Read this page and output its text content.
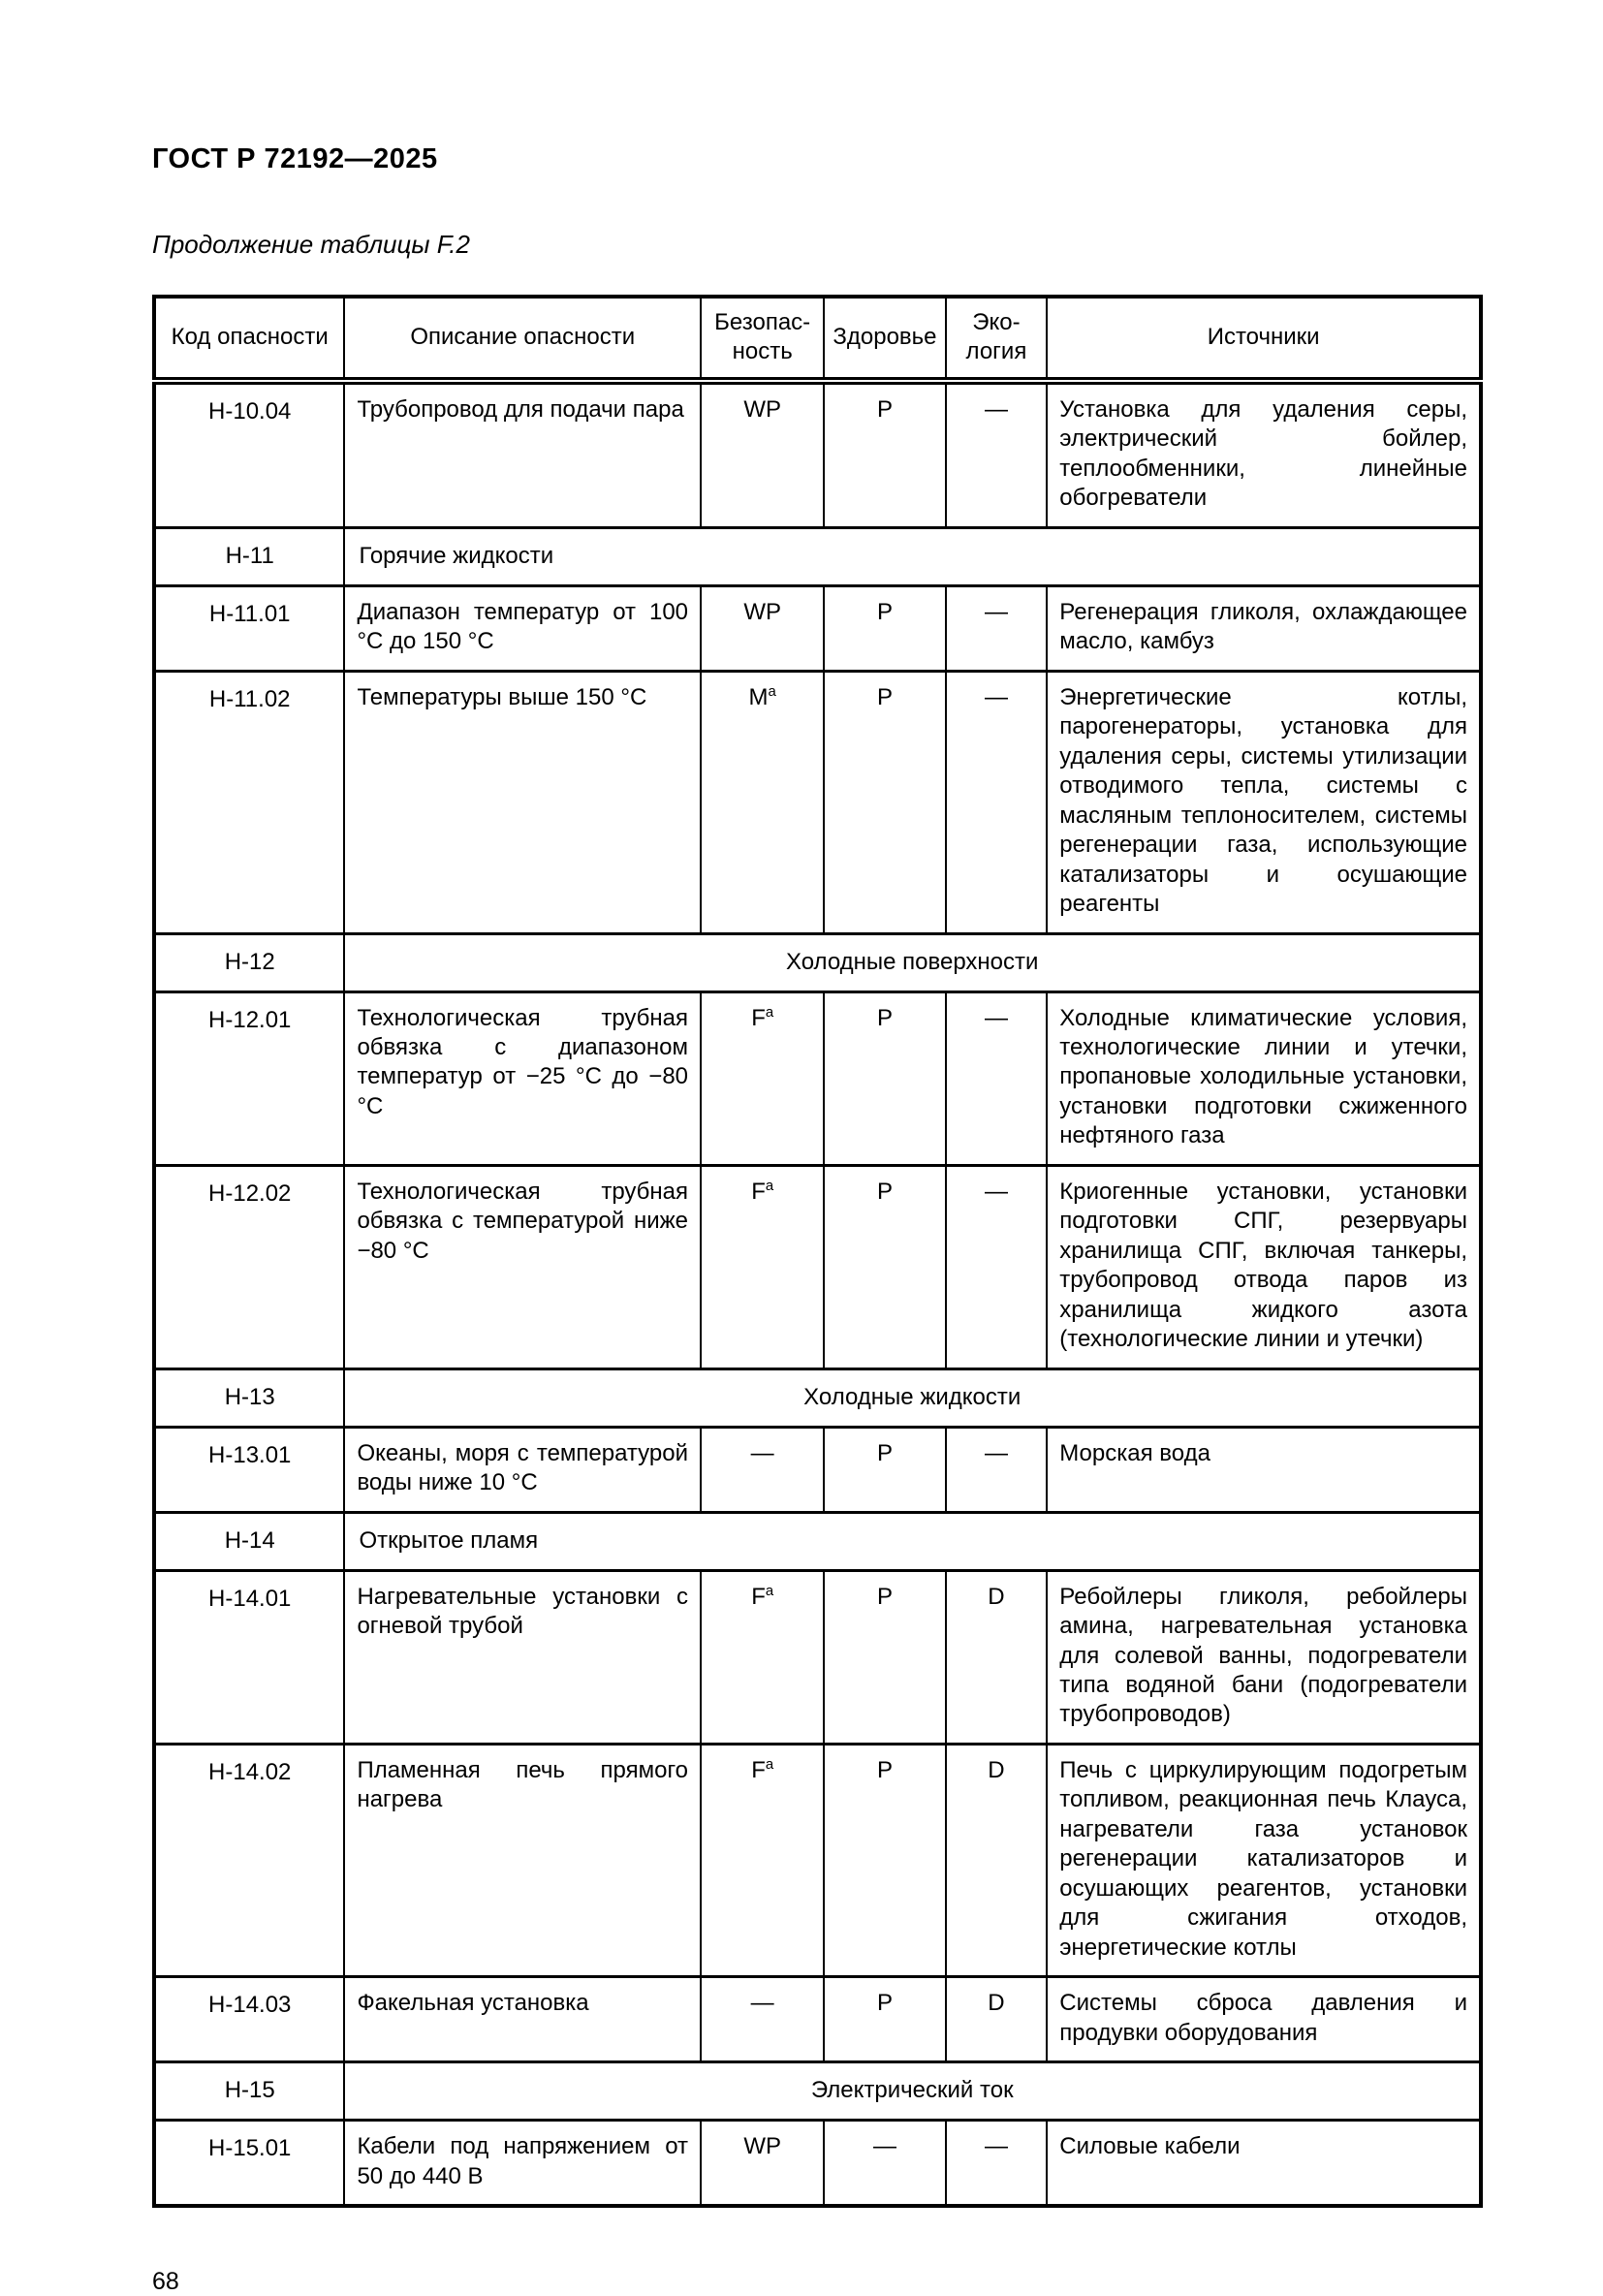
ГОСТ Р 72192—2025
Продолжение таблицы F.2
Код опасности	Описание опасности	Безопас-ность	Здоровье	Эко-логия	Источники
Н-10.04	Трубопровод для подачи пара	WP	Р	—	Установка для удаления серы, электрический бойлер, теплообменники, линейные обогреватели
Н-11	Горячие жидкости				
Н-11.01	Диапазон температур от 100 °С до 150 °С	WP	Р	—	Регенерация гликоля, охлаждающее масло, камбуз
Н-11.02	Температуры выше 150 °С	$М^а$	Р	—	Энергетические котлы, парогенераторы, установка для удаления серы, системы утилизации отводимого тепла, системы с масляным теплоносителем, системы регенерации газа, использующие катализаторы и осушающие реагенты
Н-12	Холодные поверхности				
Н-12.01	Технологическая трубная обвязка с диапазоном температур от −25 °С до −80 °С	$F^а$	Р	—	Холодные климатические условия, технологические линии и утечки, пропановые холодильные установки, установки подготовки сжиженного нефтяного газа
Н-12.02	Технологическая трубная обвязка с температурой ниже −80 °С	$F^а$	Р	—	Криогенные установки, установки подготовки СПГ, резервуары хранилища СПГ, включая танкеры, трубопровод отвода паров из хранилища жидкого азота (технологические линии и утечки)
Н-13	Холодные жидкости				
Н-13.01	Океаны, моря с температурой воды ниже 10 °С	—	Р	—	Морская вода
Н-14	Открытое пламя				
Н-14.01	Нагревательные установки с огневой трубой	$F^а$	Р	D	Ребойлеры гликоля, ребойлеры амина, нагревательная установка для солевой ванны, подогреватели типа водяной бани (подогреватели трубопроводов)
Н-14.02	Пламенная печь прямого нагрева	$F^а$	Р	D	Печь с циркулирующим подогретым топливом, реакционная печь Клауса, нагреватели газа установок регенерации катализаторов и осушающих реагентов, установки для сжигания отходов, энергетические котлы
Н-14.03	Факельная установка	—	Р	D	Системы сброса давления и продувки оборудования
Н-15	Электрический ток				
Н-15.01	Кабели под напряжением от 50 до 440 В	WP	—	—	Силовые кабели
68
